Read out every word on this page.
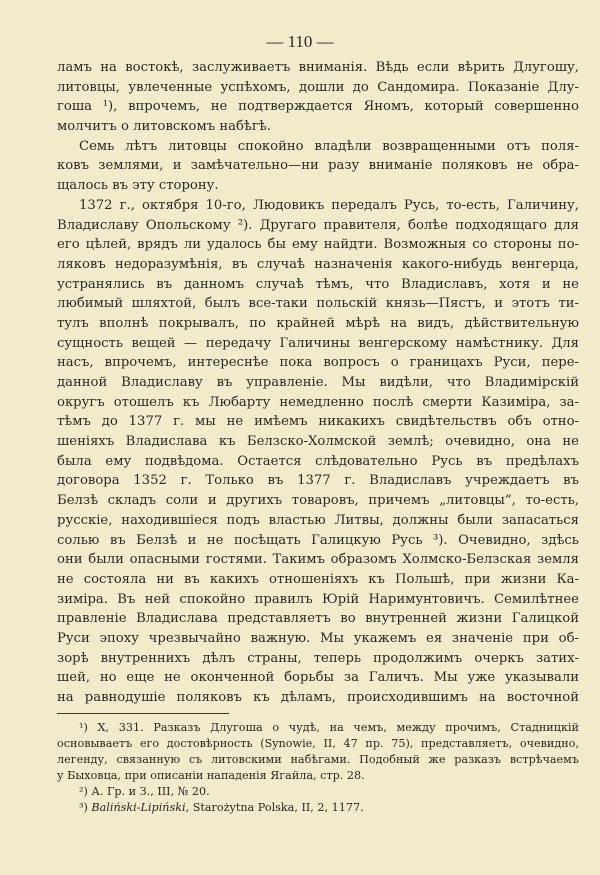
— 110 —
ламъ на востокѣ, заслуживаетъ вниманія. Вѣдь если вѣрить Длугошу,
литовцы, увлеченные успѣхомъ, дошли до Сандомира. Показаніе Длу-
гоша ¹), впрочемъ, не подтверждается Яномъ, который совершенно
молчитъ о литовскомъ набѣгѣ.
Семь лѣтъ литовцы спокойно владѣли возвращенными отъ поля-
ковъ землями, и замѣчательно—ни разу вниманіе поляковъ не обра-
щалось въ эту сторону.
1372 г., октября 10-го, Людовикъ передалъ Русь, то-есть, Галичину,
Владиславу Опольскому ²). Другаго правителя, болѣе подходящаго для
его цѣлей, врядъ ли удалось бы ему найдти. Возможныя со стороны по-
ляковъ недоразумѣнія, въ случаѣ назначенія какого-нибудь венгерца,
устранялись въ данномъ случаѣ тѣмъ, что Владиславъ, хотя и не
любимый шляхтой, былъ все-таки польскій князь—Пястъ, и этотъ ти-
тулъ вполнѣ покрывалъ, по крайней мѣрѣ на видъ, дѣйствительную
сущность вещей — передачу Галичины венгерскому намѣстнику. Для
насъ, впрочемъ, интереснѣе пока вопросъ о границахъ Руси, пере-
данной Владиславу въ управленіе. Мы видѣли, что Владимірскій
округъ отошелъ къ Любарту немедленно послѣ смерти Казиміра, за-
тѣмъ до 1377 г. мы не имѣемъ никакихъ свидѣтельствъ объ отно-
шеніяхъ Владислава къ Белзско-Холмской землѣ; очевидно, она не
была ему подвѣдома. Остается слѣдовательно Русь въ предѣлахъ
договора 1352 г. Только въ 1377 г. Владиславъ учреждаетъ въ
Белзѣ складъ соли и другихъ товаровъ, причемъ „литовцы“, то-есть,
русскіе, находившіеся подъ властью Литвы, должны были запасаться
солью въ Белзѣ и не посѣщать Галицкую Русь ³). Очевидно, здѣсь
они были опасными гостями. Такимъ образомъ Холмско-Белзская земля
не состояла ни въ какихъ отношеніяхъ къ Польшѣ, при жизни Ка-
зиміра. Въ ней спокойно правилъ Юрій Наримунтовичъ. Семилѣтнее
правленіе Владислава представляетъ во внутренней жизни Галицкой
Руси эпоху чрезвычайно важную. Мы укажемъ ея значеніе при об-
зорѣ внутреннихъ дѣлъ страны, теперь продолжимъ очеркъ затих-
шей, но еще не оконченной борьбы за Галичъ. Мы уже указывали
на равнодушіе поляковъ къ дѣламъ, происходившимъ на восточной
¹) X, 331. Разказъ Длугоша о чудѣ, на чемъ, между прочимъ, Стадницкій
основываетъ его достовѣрность (Synowie, II, 47 пр. 75), представляетъ, очевидно,
легенду, связанную съ литовскими набѣгами. Подобный же разказъ встрѣчаемъ
у Быховца, при описаніи нападенія Ягайла, стр. 28.
²) А. Гр. и З., III, № 20.
³) Baliński-Lipiński, Starożytna Polska, II, 2, 1177.
